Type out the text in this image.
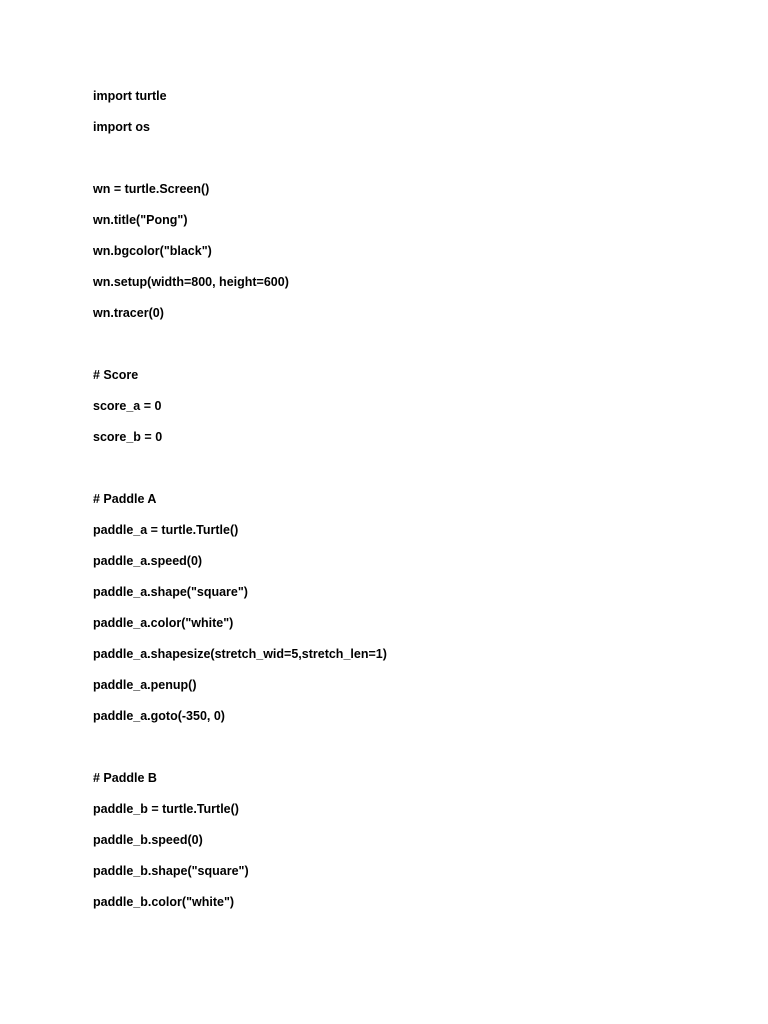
import turtle
import os
wn = turtle.Screen()
wn.title("Pong")
wn.bgcolor("black")
wn.setup(width=800, height=600)
wn.tracer(0)
# Score
score_a = 0
score_b = 0
# Paddle A
paddle_a = turtle.Turtle()
paddle_a.speed(0)
paddle_a.shape("square")
paddle_a.color("white")
paddle_a.shapesize(stretch_wid=5,stretch_len=1)
paddle_a.penup()
paddle_a.goto(-350, 0)
# Paddle B
paddle_b = turtle.Turtle()
paddle_b.speed(0)
paddle_b.shape("square")
paddle_b.color("white")
